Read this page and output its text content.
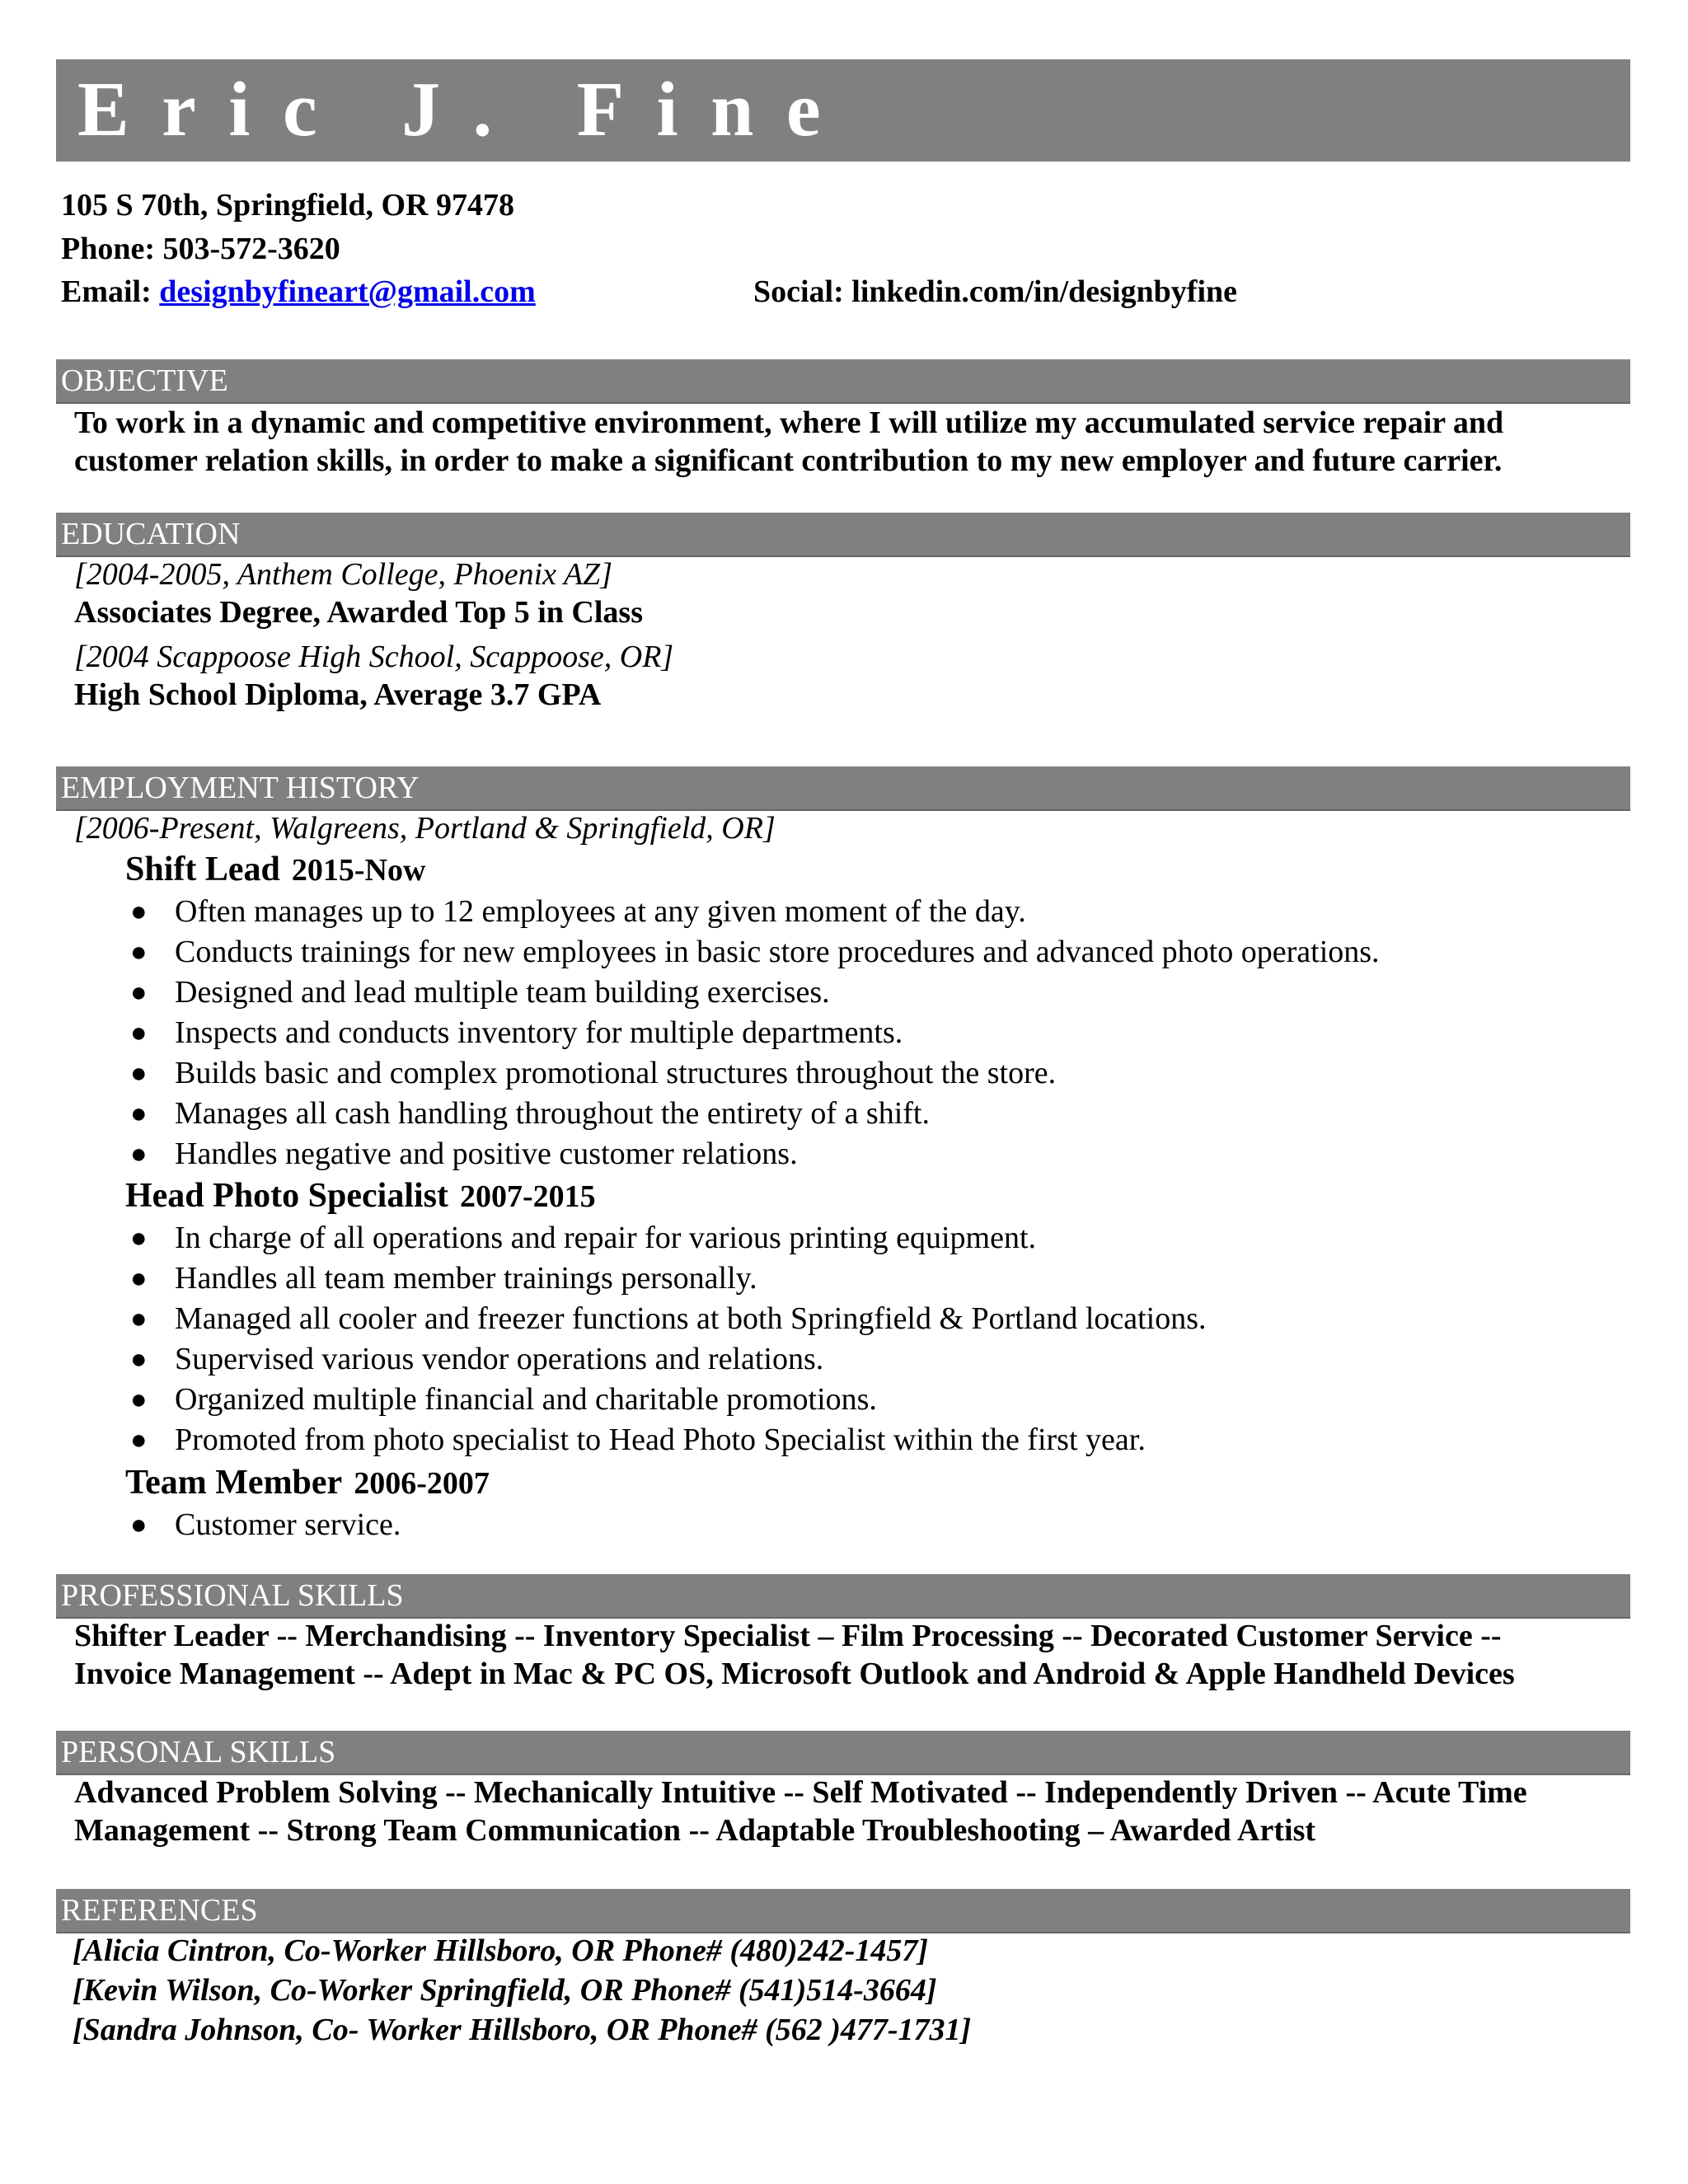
Eric J. Fine
105 S 70th, Springfield, OR 97478
Phone: 503-572-3620
Email: designbyfineart@gmail.com	Social: linkedin.com/in/designbyfine
OBJECTIVE
To work in a dynamic and competitive environment, where I will utilize my accumulated service repair and
customer relation skills, in order to make a significant contribution to my new employer and future carrier.
EDUCATION
[2004-2005, Anthem College, Phoenix AZ]
Associates Degree, Awarded Top 5 in Class
[2004 Scappoose High School, Scappoose, OR]
High School Diploma, Average 3.7 GPA
EMPLOYMENT HISTORY
[2006-Present, Walgreens, Portland & Springfield, OR]
Shift Lead 2015-Now
● Often manages up to 12 employees at any given moment of the day.
● Conducts trainings for new employees in basic store procedures and advanced photo operations.
● Designed and lead multiple team building exercises.
● Inspects and conducts inventory for multiple departments.
● Builds basic and complex promotional structures throughout the store.
● Manages all cash handling throughout the entirety of a shift.
● Handles negative and positive customer relations.
Head Photo Specialist 2007-2015
● In charge of all operations and repair for various printing equipment.
● Handles all team member trainings personally.
● Managed all cooler and freezer functions at both Springfield & Portland locations.
● Supervised various vendor operations and relations.
● Organized multiple financial and charitable promotions.
● Promoted from photo specialist to Head Photo Specialist within the first year.
Team Member 2006-2007
● Customer service.
PROFESSIONAL SKILLS
Shifter Leader -- Merchandising -- Inventory Specialist – Film Processing -- Decorated Customer Service --
Invoice Management -- Adept in Mac & PC OS, Microsoft Outlook and Android & Apple Handheld Devices
PERSONAL SKILLS
Advanced Problem Solving -- Mechanically Intuitive -- Self Motivated -- Independently Driven -- Acute Time
Management -- Strong Team Communication -- Adaptable Troubleshooting – Awarded Artist
REFERENCES
[Alicia Cintron, Co-Worker Hillsboro, OR Phone# (480)242-1457]
[Kevin Wilson, Co-Worker Springfield, OR Phone# (541)514-3664]
[Sandra Johnson, Co- Worker Hillsboro, OR Phone# (562 )477-1731]
